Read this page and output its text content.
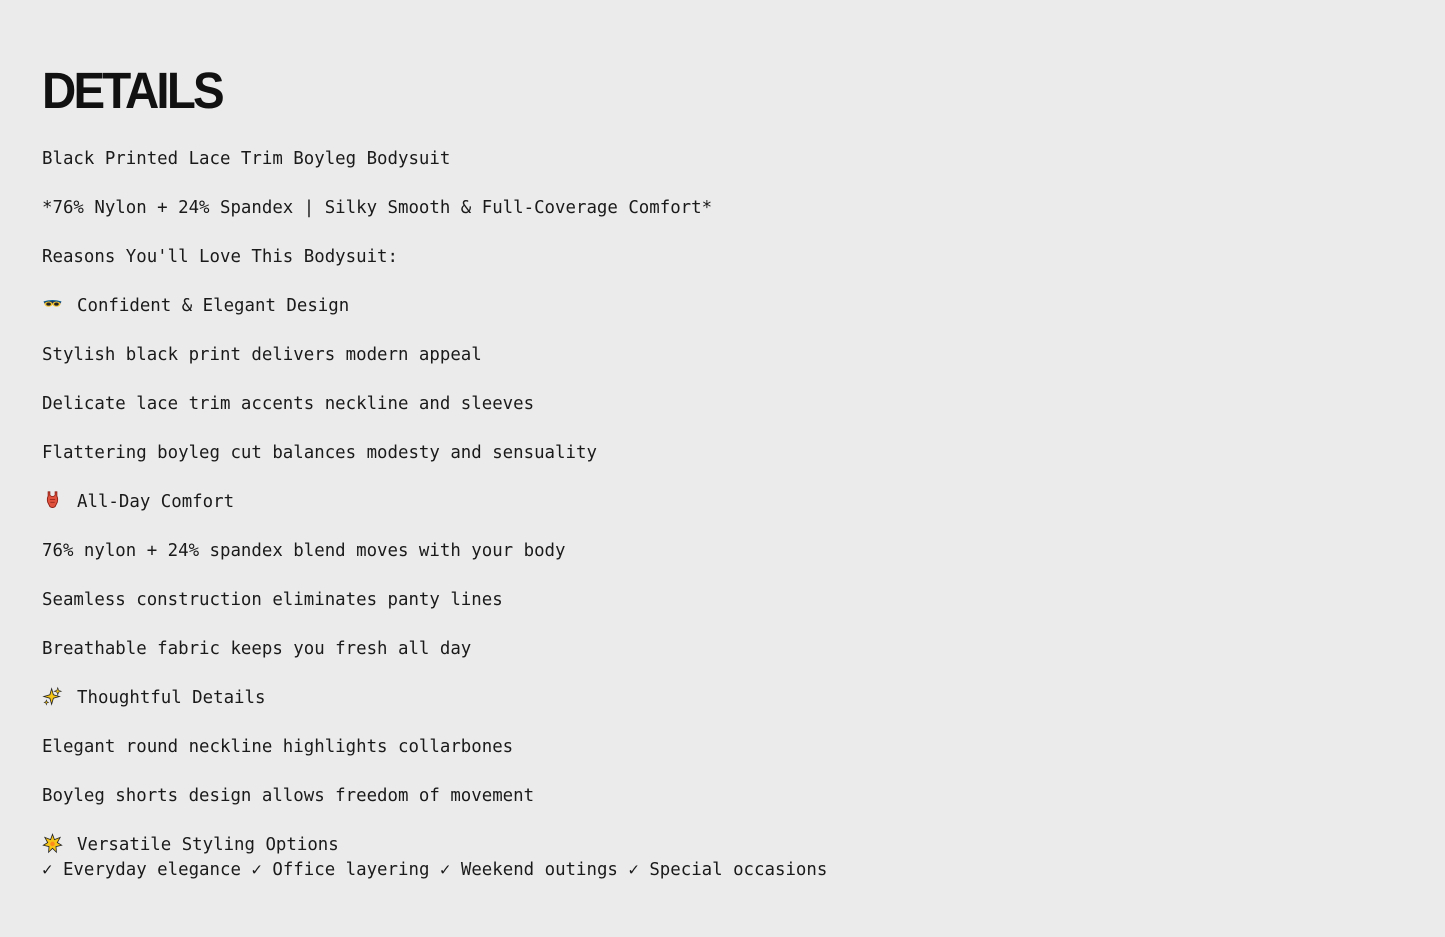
DETAILS
Black Printed Lace Trim Boyleg Bodysuit
*76% Nylon + 24% Spandex | Silky Smooth & Full-Coverage Comfort*
Reasons You'll Love This Bodysuit:
Confident & Elegant Design
Stylish black print delivers modern appeal
Delicate lace trim accents neckline and sleeves
Flattering boyleg cut balances modesty and sensuality
All-Day Comfort
76% nylon + 24% spandex blend moves with your body
Seamless construction eliminates panty lines
Breathable fabric keeps you fresh all day
Thoughtful Details
Elegant round neckline highlights collarbones
Boyleg shorts design allows freedom of movement
Versatile Styling Options
✓ Everyday elegance ✓ Office layering ✓ Weekend outings ✓ Special occasions
